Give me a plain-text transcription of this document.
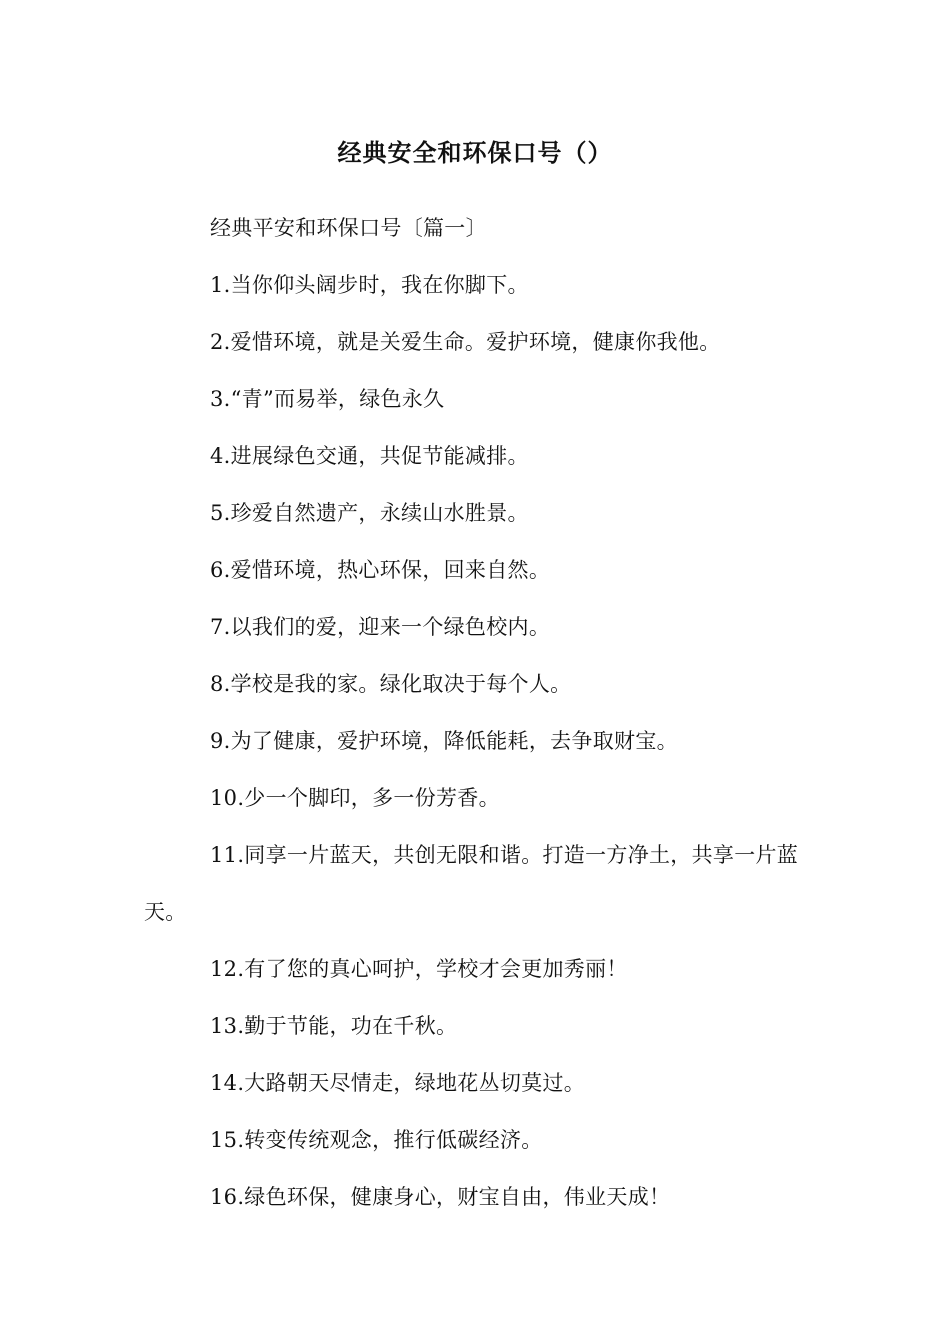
经典安全和环保口号（）

经典平安和环保口号〔篇一〕

1.当你仰头阔步时，我在你脚下。

2.爱惜环境，就是关爱生命。爱护环境，健康你我他。

3.“青”而易举，绿色永久

4.进展绿色交通，共促节能减排。

5.珍爱自然遗产，永续山水胜景。

6.爱惜环境，热心环保，回来自然。

7.以我们的爱，迎来一个绿色校内。

8.学校是我的家。绿化取决于每个人。

9.为了健康，爱护环境，降低能耗，去争取财宝。

10.少一个脚印，多一份芳香。

11.同享一片蓝天，共创无限和谐。打造一方净土，共享一片蓝天。

12.有了您的真心呵护，学校才会更加秀丽！

13.勤于节能，功在千秋。

14.大路朝天尽情走，绿地花丛切莫过。

15.转变传统观念，推行低碳经济。

16.绿色环保，健康身心，财宝自由，伟业天成！
